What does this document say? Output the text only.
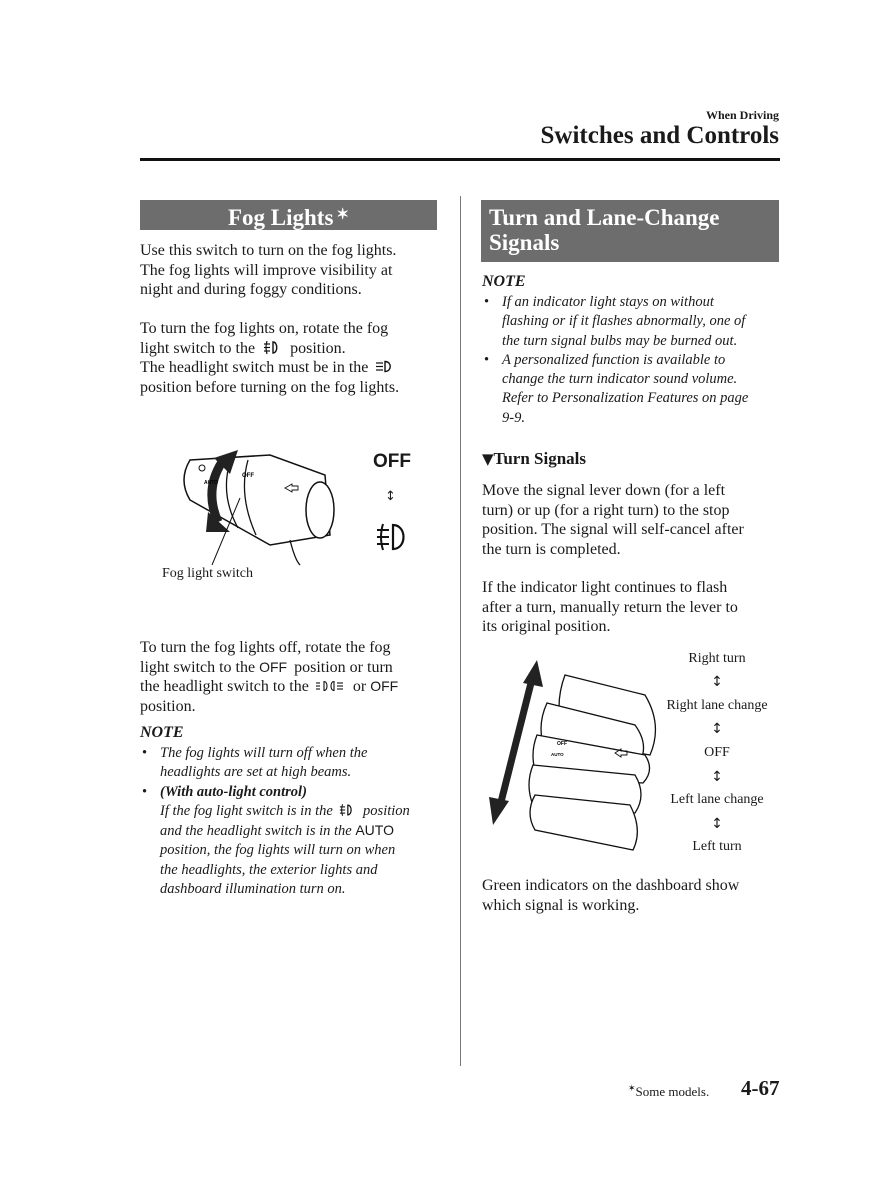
When Driving
Switches and Controls
Fog Lights ✶
Use this switch to turn on the fog lights.
The fog lights will improve visibility at
night and during foggy conditions.
To turn the fog lights on, rotate the fog
light switch to the position.
The headlight switch must be in the
position before turning on the fog lights.
OFF
AUTO
OFF
↕
Fog light switch
To turn the fog lights off, rotate the fog
light switch to the OFF position or turn
the headlight switch to the	or OFF
position.
NOTE
• The fog lights will turn off when the
headlights are set at high beams.
• (With auto-light control)
If the fog light switch is in the position
and the headlight switch is in the AUTO
position, the fog lights will turn on when
the headlights, the exterior lights and
dashboard illumination turn on.
Turn and Lane-Change
Signals
NOTE
• If an indicator light stays on without
flashing or if it flashes abnormally, one of
the turn signal bulbs may be burned out.
• A personalized function is available to
change the turn indicator sound volume.
Refer to Personalization Features on page
9-9.
▼Turn Signals
Move the signal lever down (for a left
turn) or up (for a right turn) to the stop
position. The signal will self-cancel after
the turn is completed.
If the indicator light continues to flash
after a turn, manually return the lever to
its original position.
OFF
AUTO
Right turn
↕
Right lane change
↕
OFF
↕
Left lane change
↕
Left turn
Green indicators on the dashboard show
which signal is working.
✶Some models. 4-67
